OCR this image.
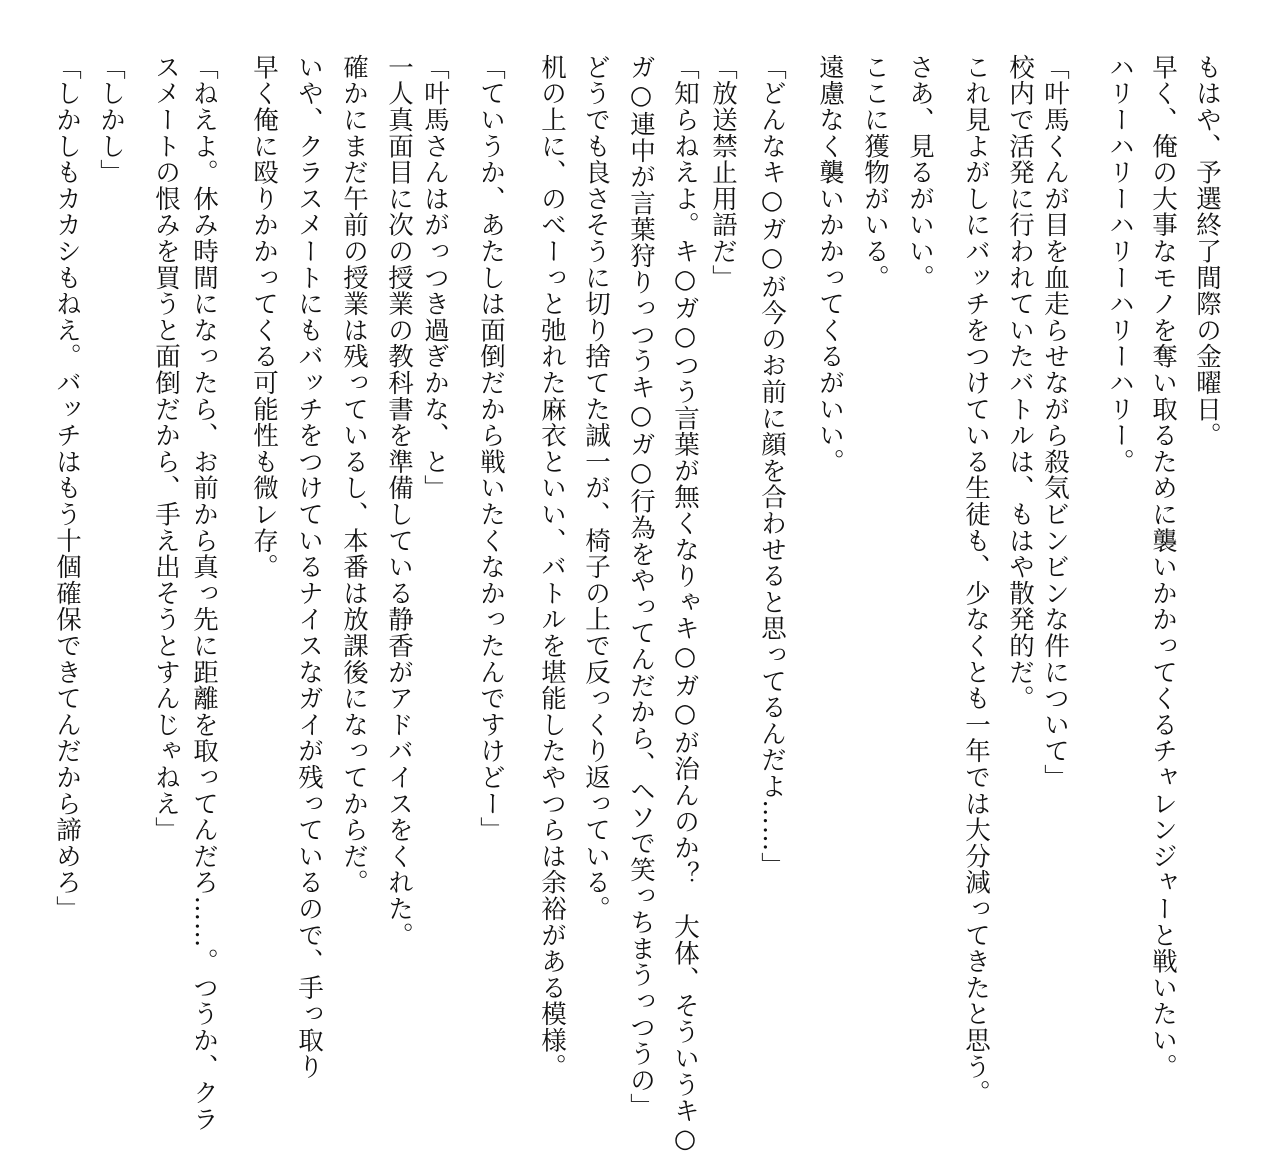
もはや、予選終了間際の金曜日。
早く、俺の大事なモノを奪い取るために襲いかかってくるチャレンジャーと戦いたい。
ハリーハリーハリーハリーハリー。
「叶馬くんが目を血走らせながら殺気ビンビンな件について」
校内で活発に行われていたバトルは、もはや散発的だ。
これ見よがしにバッチをつけている生徒も、少なくとも一年では大分減ってきたと思う。
さあ、見るがいい。
ここに獲物がいる。
遠慮なく襲いかかってくるがいい。
「どんなキ○ガ○が今のお前に顔を合わせると思ってるんだよ……」
「放送禁止用語だ」
「知らねえよ。キ○ガ○つう言葉が無くなりゃキ○ガ○が治んのか？　大体、そういうキ○
ガ○連中が言葉狩りっつうキ○ガ○行為をやってんだから、ヘソで笑っちまうっつうの」
どうでも良さそうに切り捨てた誠一が、椅子の上で反っくり返っている。
机の上に、のべーっと弛れた麻衣といい、バトルを堪能したやつらは余裕がある模様。
「ていうか、あたしは面倒だから戦いたくなかったんですけどー」
「叶馬さんはがっつき過ぎかな、と」
一人真面目に次の授業の教科書を準備している静香がアドバイスをくれた。
確かにまだ午前の授業は残っているし、本番は放課後になってからだ。
いや、クラスメートにもバッチをつけているナイスなガイが残っているので、手っ取り
早く俺に殴りかかってくる可能性も微レ存。
「ねえよ。休み時間になったら、お前から真っ先に距離を取ってんだろ……。つうか、クラ
スメートの恨みを買うと面倒だから、手え出そうとすんじゃねえ」
「しかし」
「しかしもカカシもねえ。バッチはもう十個確保できてんだから諦めろ」
